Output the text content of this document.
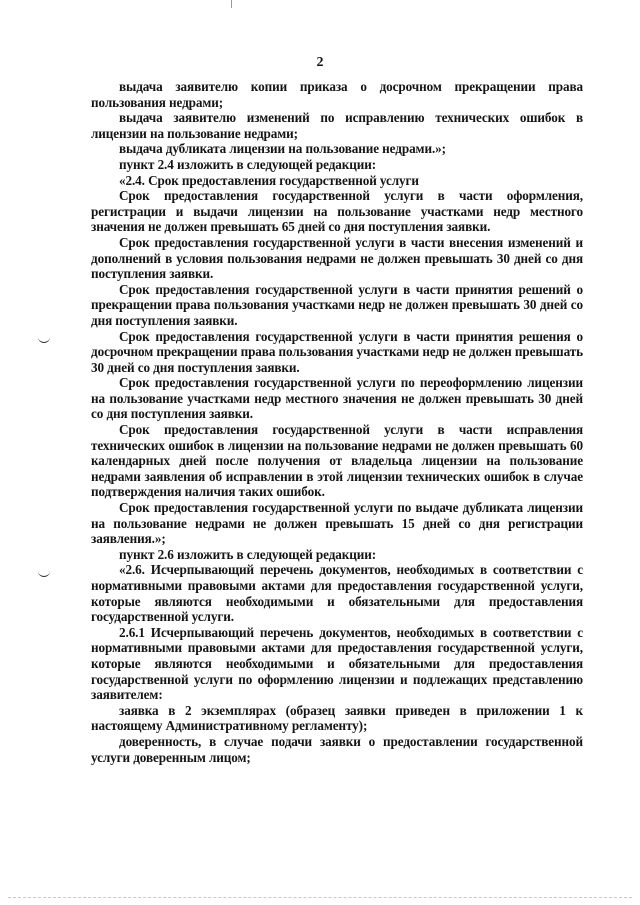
2

выдача заявителю копии приказа о досрочном прекращении права пользования недрами;

выдача заявителю изменений по исправлению технических ошибок в лицензии на пользование недрами;

выдача дубликата лицензии на пользование недрами.»;

пункт 2.4 изложить в следующей редакции:

«2.4. Срок предоставления государственной услуги

Срок предоставления государственной услуги в части оформления, регистрации и выдачи лицензии на пользование участками недр местного значения не должен превышать 65 дней со дня поступления заявки.

Срок предоставления государственной услуги в части внесения изменений и дополнений в условия пользования недрами не должен превышать 30 дней со дня поступления заявки.

Срок предоставления государственной услуги в части принятия решений о прекращении права пользования участками недр не должен превышать 30 дней со дня поступления заявки.

Срок предоставления государственной услуги в части принятия решения о досрочном прекращении права пользования участками недр не должен превышать 30 дней со дня поступления заявки.

Срок предоставления государственной услуги по переоформлению лицензии на пользование участками недр местного значения не должен превышать 30 дней со дня поступления заявки.

Срок предоставления государственной услуги в части исправления технических ошибок в лицензии на пользование недрами не должен превышать 60 календарных дней после получения от владельца лицензии на пользование недрами заявления об исправлении в этой лицензии технических ошибок в случае подтверждения наличия таких ошибок.

Срок предоставления государственной услуги по выдаче дубликата лицензии на пользование недрами не должен превышать 15 дней со дня регистрации заявления.»;

пункт 2.6 изложить в следующей редакции:

«2.6. Исчерпывающий перечень документов, необходимых в соответствии с нормативными правовыми актами для предоставления государственной услуги, которые являются необходимыми и обязательными для предоставления государственной услуги.

2.6.1 Исчерпывающий перечень документов, необходимых в соответствии с нормативными правовыми актами для предоставления государственной услуги, которые являются необходимыми и обязательными для предоставления государственной услуги по оформлению лицензии и подлежащих представлению заявителем:

заявка в 2 экземплярах (образец заявки приведен в приложении 1 к настоящему Административному регламенту);

доверенность, в случае подачи заявки о предоставлении государственной услуги доверенным лицом;
